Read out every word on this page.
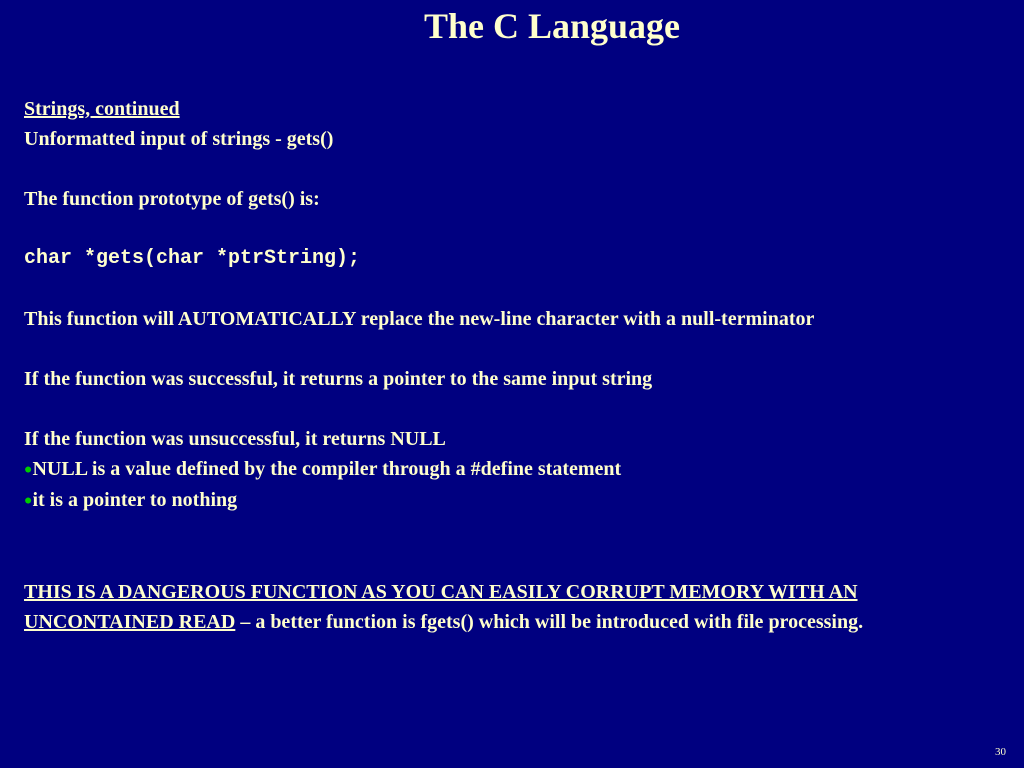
The C Language
Strings, continued
Unformatted input of strings - gets()
The function prototype of gets() is:
char *gets(char *ptrString);
This function will AUTOMATICALLY replace the new-line character with a null-terminator
If the function was successful, it returns a pointer to the same input string
If the function was unsuccessful, it returns NULL
●NULL is a value defined by the compiler through a #define statement
●it is a pointer to nothing
THIS IS A DANGEROUS FUNCTION AS YOU CAN EASILY CORRUPT MEMORY WITH AN UNCONTAINED READ – a better function is fgets() which will be introduced with file processing.
30
